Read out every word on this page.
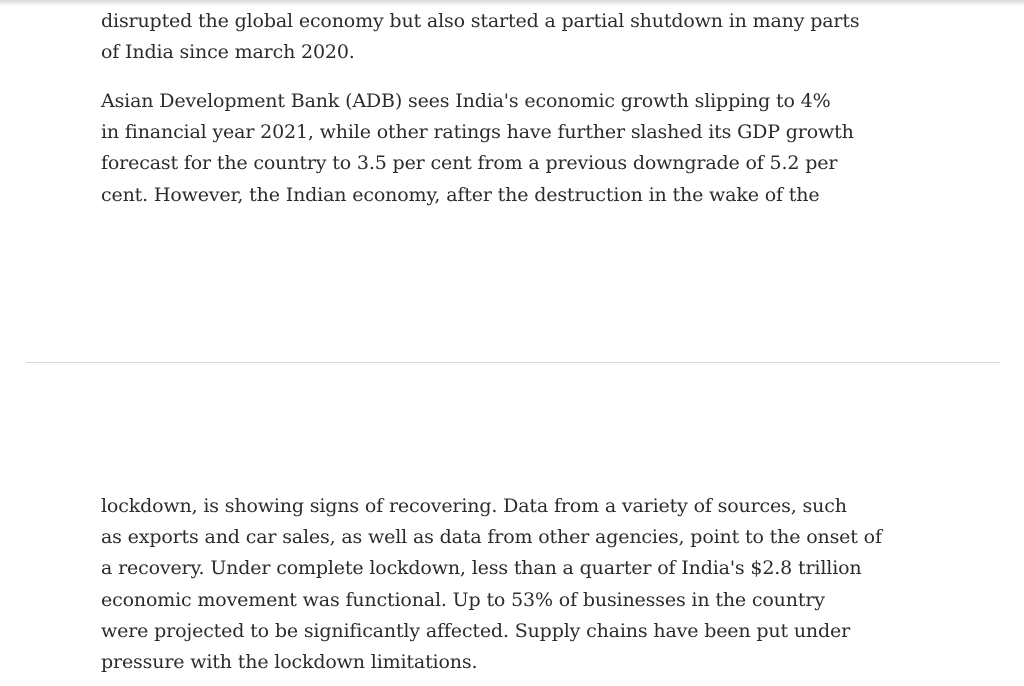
disrupted the global economy but also started a partial shutdown in many parts
of India since march 2020.

Asian Development Bank (ADB) sees India's economic growth slipping to 4%
in financial year 2021, while other ratings have further slashed its GDP growth
forecast for the country to 3.5 per cent from a previous downgrade of 5.2 per
cent. However, the Indian economy, after the destruction in the wake of the

lockdown, is showing signs of recovering. Data from a variety of sources, such
as exports and car sales, as well as data from other agencies, point to the onset of
a recovery. Under complete lockdown, less than a quarter of India's $2.8 trillion
economic movement was functional. Up to 53% of businesses in the country
were projected to be significantly affected. Supply chains have been put under
pressure with the lockdown limitations.
